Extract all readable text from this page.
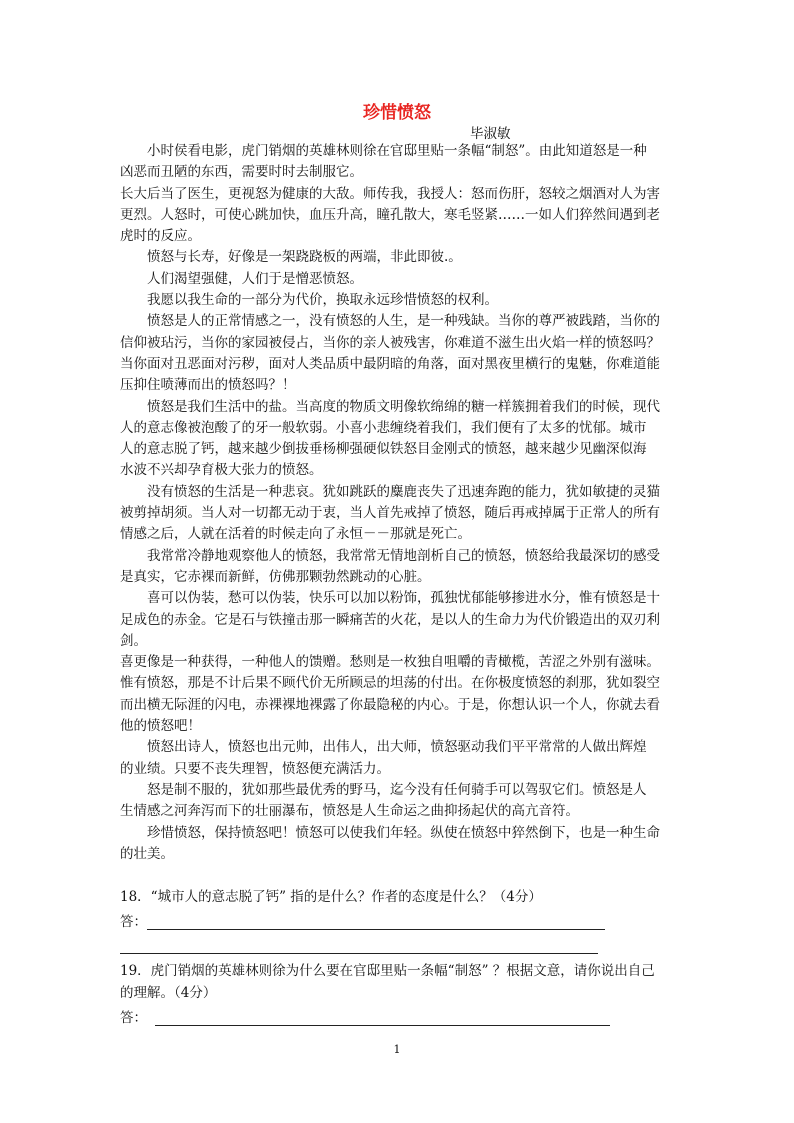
珍惜愤怒
毕淑敏
小时侯看电影，虎门销烟的英雄林则徐在官邸里贴一条幅“制怒”。由此知道怒是一种
凶恶而丑陋的东西，需要时时去制服它。
长大后当了医生，更视怒为健康的大敌。师传我，我授人：怒而伤肝，怒较之烟酒对人为害
更烈。人怒时，可使心跳加快，血压升高，瞳孔散大，寒毛竖紧……一如人们猝然间遇到老
虎时的反应。
愤怒与长寿，好像是一架跷跷板的两端，非此即彼.。
人们渴望强健，人们于是憎恶愤怒。
我愿以我生命的一部分为代价，换取永远珍惜愤怒的权利。
愤怒是人的正常情感之一，没有愤怒的人生，是一种残缺。当你的尊严被践踏，当你的
信仰被玷污，当你的家园被侵占，当你的亲人被残害，你难道不滋生出火焰一样的愤怒吗？
当你面对丑恶面对污秽，面对人类品质中最阴暗的角落，面对黑夜里横行的鬼魅，你难道能
压抑住喷薄而出的愤怒吗？！
愤怒是我们生活中的盐。当高度的物质文明像软绵绵的糖一样簇拥着我们的时候，现代
人的意志像被泡酸了的牙一般软弱。小喜小悲缠绕着我们，我们便有了太多的忧郁。城市
人的意志脱了钙，越来越少倒拔垂杨柳强硬似铁怒目金刚式的愤怒，越来越少见幽深似海
水波不兴却孕育极大张力的愤怒。
没有愤怒的生活是一种悲哀。犹如跳跃的麋鹿丧失了迅速奔跑的能力，犹如敏捷的灵猫
被剪掉胡须。当人对一切都无动于衷，当人首先戒掉了愤怒，随后再戒掉属于正常人的所有
情感之后，人就在活着的时候走向了永恒－－那就是死亡。
我常常冷静地观察他人的愤怒，我常常无情地剖析自己的愤怒，愤怒给我最深切的感受
是真实，它赤裸而新鲜，仿佛那颗勃然跳动的心脏。
喜可以伪装，愁可以伪装，快乐可以加以粉饰，孤独忧郁能够掺进水分，惟有愤怒是十
足成色的赤金。它是石与铁撞击那一瞬痛苦的火花，是以人的生命力为代价锻造出的双刃利
剑。
喜更像是一种获得，一种他人的馈赠。愁则是一枚独自咀嚼的青橄榄，苦涩之外别有滋味。
惟有愤怒，那是不计后果不顾代价无所顾忌的坦荡的付出。在你极度愤怒的刹那，犹如裂空
而出横无际涯的闪电，赤裸裸地裸露了你最隐秘的内心。于是，你想认识一个人，你就去看
他的愤怒吧！
愤怒出诗人，愤怒也出元帅，出伟人，出大师，愤怒驱动我们平平常常的人做出辉煌
的业绩。只要不丧失理智，愤怒便充满活力。
怒是制不服的，犹如那些最优秀的野马，迄今没有任何骑手可以驾驭它们。愤怒是人
生情感之河奔泻而下的壮丽瀑布，愤怒是人生命运之曲抑扬起伏的高亢音符。
珍惜愤怒，保持愤怒吧！愤怒可以使我们年轻。纵使在愤怒中猝然倒下，也是一种生命
的壮美。
18．“城市人的意志脱了钙” 指的是什么？作者的态度是什么？（4分）
答：
19．虎门销烟的英雄林则徐为什么要在官邸里贴一条幅“制怒” ？根据文意，请你说出自己
的理解。（4分）
答：
1
